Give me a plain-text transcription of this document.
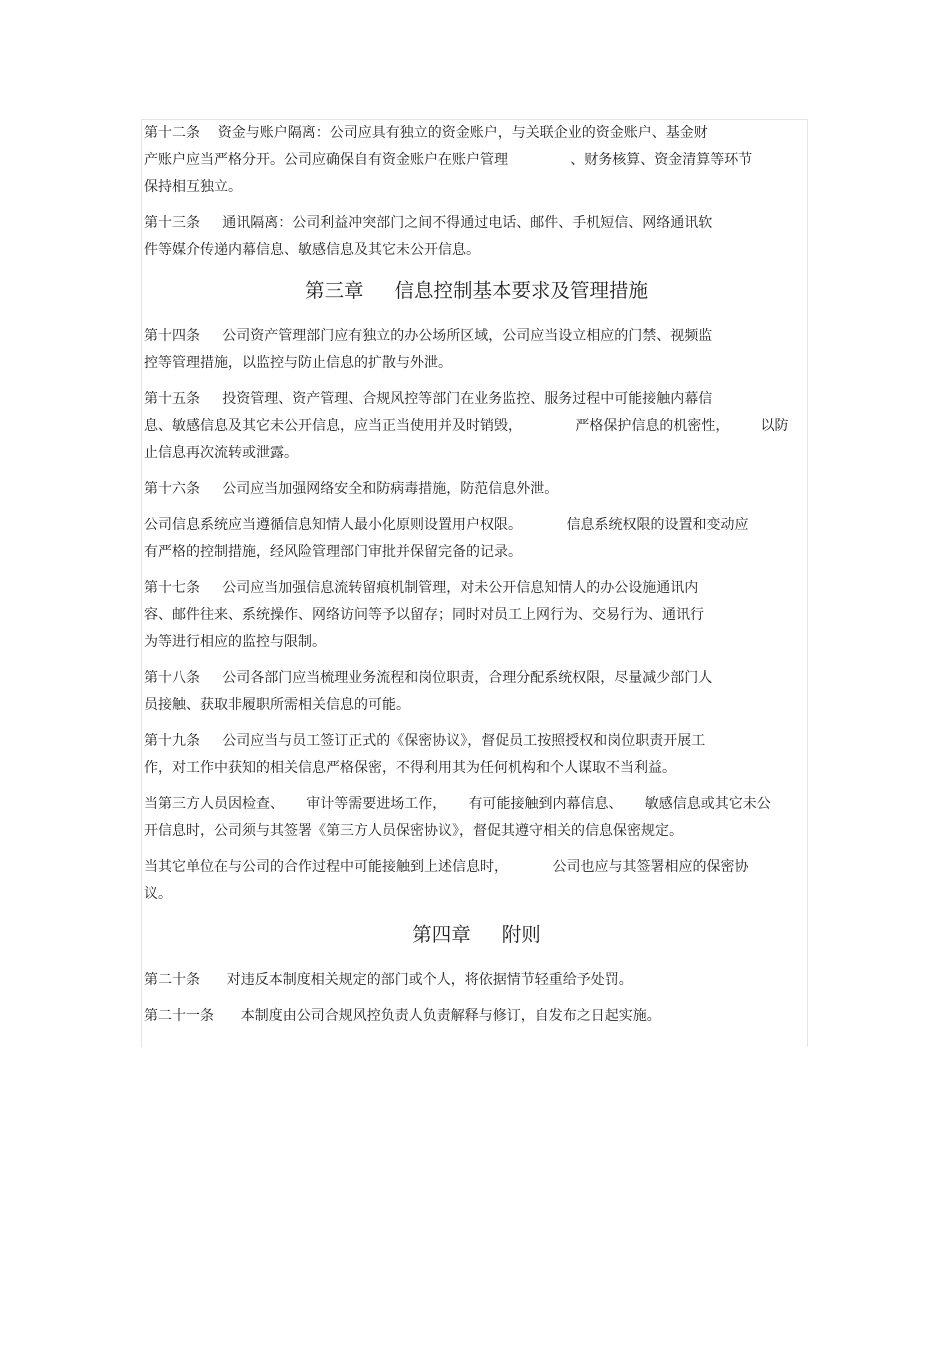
第十二条    资金与账户隔离：公司应具有独立的资金账户，与关联企业的资金账户、基金财
产账户应当严格分开。公司应确保自有资金账户在账户管理              、财务核算、资金清算等环节
保持相互独立。
第十三条     通讯隔离：公司利益冲突部门之间不得通过电话、邮件、手机短信、网络通讯软
件等媒介传递内幕信息、敏感信息及其它未公开信息。
第三章     信息控制基本要求及管理措施
第十四条     公司资产管理部门应有独立的办公场所区域，公司应当设立相应的门禁、视频监
控等管理措施，以监控与防止信息的扩散与外泄。
第十五条     投资管理、资产管理、合规风控等部门在业务监控、服务过程中可能接触内幕信
息、敏感信息及其它未公开信息，应当正当使用并及时销毁，            严格保护信息的机密性，       以防
止信息再次流转或泄露。
第十六条     公司应当加强网络安全和防病毒措施，防范信息外泄。
公司信息系统应当遵循信息知情人最小化原则设置用户权限。          信息系统权限的设置和变动应
有严格的控制措施，经风险管理部门审批并保留完备的记录。
第十七条     公司应当加强信息流转留痕机制管理，对未公开信息知情人的办公设施通讯内
容、邮件往来、系统操作、网络访问等予以留存；同时对员工上网行为、交易行为、通讯行
为等进行相应的监控与限制。
第十八条     公司各部门应当梳理业务流程和岗位职责，合理分配系统权限，尽量减少部门人
员接触、获取非履职所需相关信息的可能。
第十九条     公司应当与员工签订正式的《保密协议》，督促员工按照授权和岗位职责开展工
作，对工作中获知的相关信息严格保密，不得利用其为任何机构和个人谋取不当利益。
当第三方人员因检查、     审计等需要进场工作，     有可能接触到内幕信息、     敏感信息或其它未公
开信息时，公司须与其签署《第三方人员保密协议》，督促其遵守相关的信息保密规定。
当其它单位在与公司的合作过程中可能接触到上述信息时，          公司也应与其签署相应的保密协
议。
第四章     附则
第二十条      对违反本制度相关规定的部门或个人，将依据情节轻重给予处罚。
第二十一条      本制度由公司合规风控负责人负责解释与修订，自发布之日起实施。
